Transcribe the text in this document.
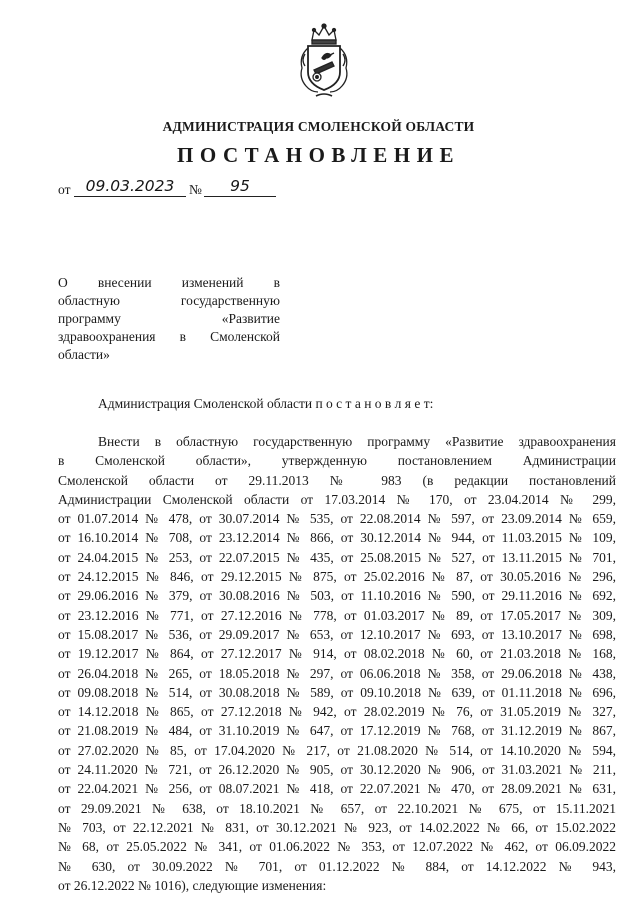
АДМИНИСТРАЦИЯ СМОЛЕНСКОЙ ОБЛАСТИ
ПОСТАНОВЛЕНИЕ
от 09.03.2023	№	95
О внесении изменений в
областную государственную
программу «Развитие
здравоохранения в Смоленской
области»
Администрация Смоленской области п о с т а н о в л я е т:
Внести в областную государственную программу «Развитие здравоохранения
в Смоленской области», утвержденную постановлением Администрации
Смоленской области от 29.11.2013 № 983 (в редакции постановлений
Администрации Смоленской области от 17.03.2014 № 170, от 23.04.2014 № 299,
от 01.07.2014 № 478, от 30.07.2014 № 535, от 22.08.2014 № 597, от 23.09.2014 № 659,
от 16.10.2014 № 708, от 23.12.2014 № 866, от 30.12.2014 № 944, от 11.03.2015 № 109,
от 24.04.2015 № 253, от 22.07.2015 № 435, от 25.08.2015 № 527, от 13.11.2015 № 701,
от 24.12.2015 № 846, от 29.12.2015 № 875, от 25.02.2016 № 87, от 30.05.2016 № 296,
от 29.06.2016 № 379, от 30.08.2016 № 503, от 11.10.2016 № 590, от 29.11.2016 № 692,
от 23.12.2016 № 771, от 27.12.2016 № 778, от 01.03.2017 № 89, от 17.05.2017 № 309,
от 15.08.2017 № 536, от 29.09.2017 № 653, от 12.10.2017 № 693, от 13.10.2017 № 698,
от 19.12.2017 № 864, от 27.12.2017 № 914, от 08.02.2018 № 60, от 21.03.2018 № 168,
от 26.04.2018 № 265, от 18.05.2018 № 297, от 06.06.2018 № 358, от 29.06.2018 № 438,
от 09.08.2018 № 514, от 30.08.2018 № 589, от 09.10.2018 № 639, от 01.11.2018 № 696,
от 14.12.2018 № 865, от 27.12.2018 № 942, от 28.02.2019 № 76, от 31.05.2019 № 327,
от 21.08.2019 № 484, от 31.10.2019 № 647, от 17.12.2019 № 768, от 31.12.2019 № 867,
от 27.02.2020 № 85, от 17.04.2020 № 217, от 21.08.2020 № 514, от 14.10.2020 № 594,
от 24.11.2020 № 721, от 26.12.2020 № 905, от 30.12.2020 № 906, от 31.03.2021 № 211,
от 22.04.2021 № 256, от 08.07.2021 № 418, от 22.07.2021 № 470, от 28.09.2021 № 631,
от 29.09.2021 № 638, от 18.10.2021 № 657, от 22.10.2021 № 675, от 15.11.2021
№ 703, от 22.12.2021 № 831, от 30.12.2021 № 923, от 14.02.2022 № 66, от 15.02.2022
№ 68, от 25.05.2022 № 341, от 01.06.2022 № 353, от 12.07.2022 № 462, от 06.09.2022
№ 630, от 30.09.2022 № 701, от 01.12.2022 № 884, от 14.12.2022 № 943,
от 26.12.2022 № 1016), следующие изменения:
